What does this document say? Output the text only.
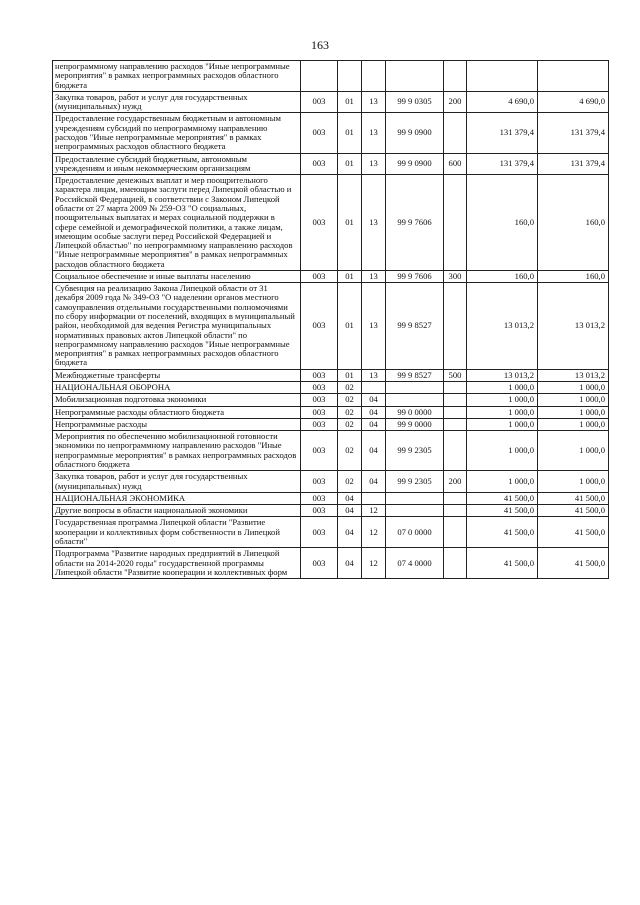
163
непрограммному направлению расходов "Иные непрограммные мероприятия" в рамках непрограммных расходов областного бюджета							
Закупка товаров, работ и услуг для государственных (муниципальных) нужд	003	01	13	99 9 0305	200	4 690,0	4 690,0
Предоставление государственным бюджетным и автономным учреждениям субсидий по непрограммному направлению расходов "Иные непрограммные мероприятия" в рамках непрограммных расходов областного бюджета	003	01	13	99 9 0900		131 379,4	131 379,4
Предоставление субсидий бюджетным, автономным учреждениям и иным некоммерческим организациям	003	01	13	99 9 0900	600	131 379,4	131 379,4
Предоставление денежных выплат и мер поощрительного характера лицам, имеющим заслуги перед Липецкой областью и Российской Федерацией, в соответствии с Законом Липецкой области от 27 марта 2009 № 259-ОЗ "О социальных, поощрительных выплатах и мерах социальной поддержки в сфере семейной и демографической политики, а также лицам, имеющим особые заслуги перед Российской Федерацией и Липецкой областью" по непрограммному направлению расходов "Иные непрограммные мероприятия" в рамках непрограммных расходов областного бюджета	003	01	13	99 9 7606		160,0	160,0
Социальное обеспечение и иные выплаты населению	003	01	13	99 9 7606	300	160,0	160,0
Субвенция на реализацию Закона Липецкой области от 31 декабря 2009 года № 349-ОЗ "О наделении органов местного самоуправления отдельными государственными полномочиями по сбору информации от поселений, входящих в муниципальный район, необходимой для ведения Регистра муниципальных нормативных правовых актов Липецкой области" по непрограммному направлению расходов "Иные непрограммные мероприятия" в рамках непрограммных расходов областного бюджета	003	01	13	99 9 8527		13 013,2	13 013,2
Межбюджетные трансферты	003	01	13	99 9 8527	500	13 013,2	13 013,2
НАЦИОНАЛЬНАЯ ОБОРОНА	003	02				1 000,0	1 000,0
Мобилизационная подготовка экономики	003	02	04			1 000,0	1 000,0
Непрограммные расходы областного бюджета	003	02	04	99 0 0000		1 000,0	1 000,0
Непрограммные расходы	003	02	04	99 9 0000		1 000,0	1 000,0
Мероприятия по обеспечению мобилизационной готовности экономики по непрограммному направлению расходов "Иные непрограммные мероприятия" в рамках непрограммных расходов областного бюджета	003	02	04	99 9 2305		1 000,0	1 000,0
Закупка товаров, работ и услуг для государственных (муниципальных) нужд	003	02	04	99 9 2305	200	1 000,0	1 000,0
НАЦИОНАЛЬНАЯ ЭКОНОМИКА	003	04				41 500,0	41 500,0
Другие вопросы в области национальной экономики	003	04	12			41 500,0	41 500,0
Государственная программа Липецкой области "Развитие кооперации и коллективных форм собственности в Липецкой области"	003	04	12	07 0 0000		41 500,0	41 500,0
Подпрограмма "Развитие народных предприятий в Липецкой области на 2014-2020 годы" государственной программы Липецкой области "Развитие кооперации и коллективных форм	003	04	12	07 4 0000		41 500,0	41 500,0
